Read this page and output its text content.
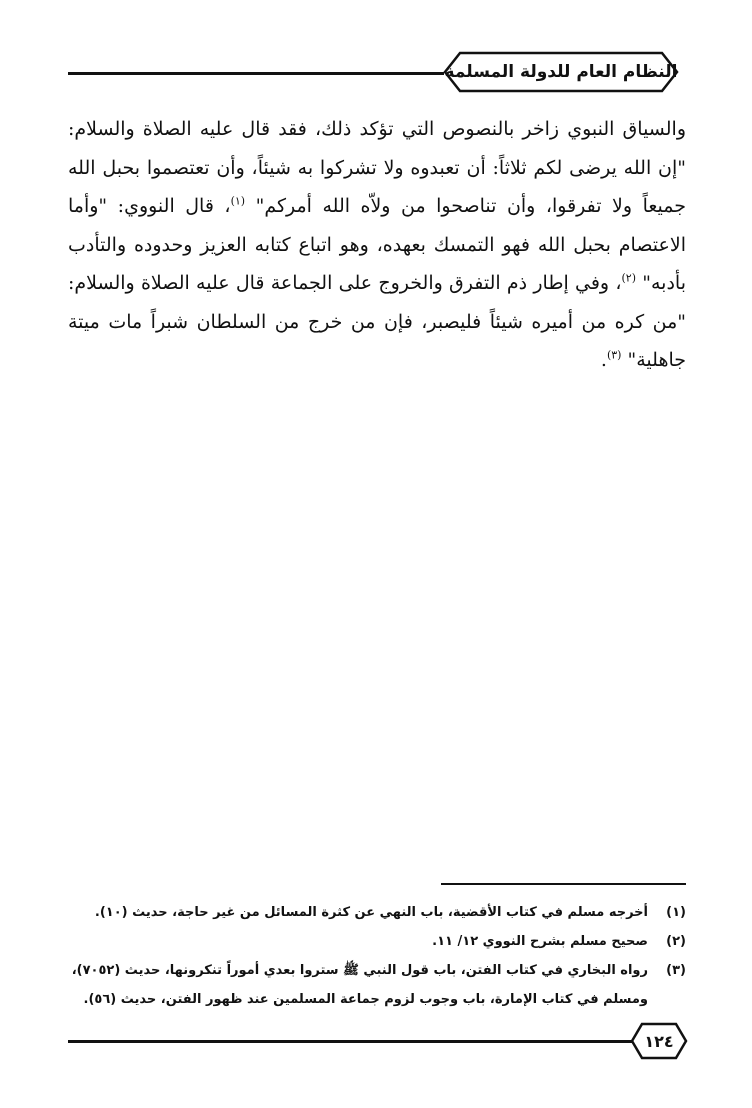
النظام العام للدولة المسلمة

والسياق النبوي زاخر بالنصوص التي تؤكد ذلك، فقد قال عليه الصلاة والسلام: "إن الله يرضى لكم ثلاثاً: أن تعبدوه ولا تشركوا به شيئاً، وأن تعتصموا بحبل الله جميعاً ولا تفرقوا، وأن تناصحوا من ولاّه الله أمركم" $^{(١)}$، قال النووي: "وأما الاعتصام بحبل الله فهو التمسك بعهده، وهو اتباع كتابه العزيز وحدوده والتأدب بأدبه" $^{(٢)}$، وفي إطار ذم التفرق والخروج على الجماعة قال عليه الصلاة والسلام: "من كره من أميره شيئاً فليصبر، فإن من خرج من السلطان شبراً مات ميتة جاهلية" $^{(٣)}$.

(١)
أخرجه مسلم في كتاب الأقضية، باب النهي عن كثرة المسائل من غير حاجة، حديث (١٠).
(٢)
صحيح مسلم بشرح النووي ١٢/ ١١.
(٣)
رواه البخاري في كتاب الفتن، باب قول النبي ﷺ ستروا بعدي أموراً تنكرونها، حديث (٧٠٥٢)، ومسلم في كتاب الإمارة، باب وجوب لزوم جماعة المسلمين عند ظهور الفتن، حديث (٥٦).
١٢٤
